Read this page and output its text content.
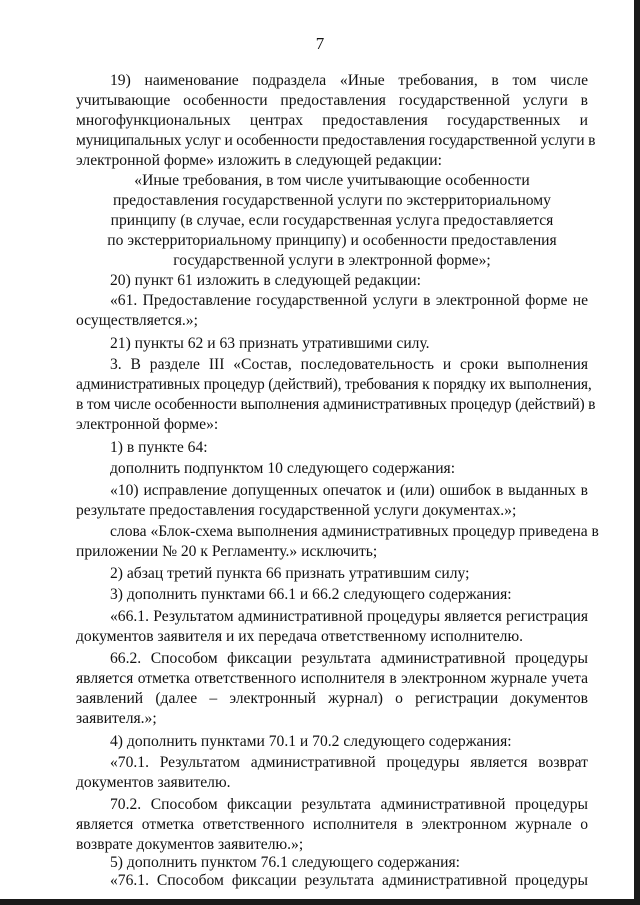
7
19) наименование подраздела «Иные требования, в том числе
учитывающие особенности предоставления государственной услуги в
многофункциональных центрах предоставления государственных и
муниципальных услуг и особенности предоставления государственной услуги в
электронной форме» изложить в следующей редакции:
«Иные требования, в том числе учитывающие особенности
предоставления государственной услуги по экстерриториальному
принципу (в случае, если государственная услуга предоставляется
по экстерриториальному принципу) и особенности предоставления
государственной услуги в электронной форме»;
20) пункт 61 изложить в следующей редакции:
«61. Предоставление государственной услуги в электронной форме не
осуществляется.»;
21) пункты 62 и 63 признать утратившими силу.
3. В разделе III «Состав, последовательность и сроки выполнения
административных процедур (действий), требования к порядку их выполнения,
в том числе особенности выполнения административных процедур (действий) в
электронной форме»:
1) в пункте 64:
дополнить подпунктом 10 следующего содержания:
«10) исправление допущенных опечаток и (или) ошибок в выданных в
результате предоставления государственной услуги документах.»;
слова «Блок-схема выполнения административных процедур приведена в
приложении № 20 к Регламенту.» исключить;
2) абзац третий пункта 66 признать утратившим силу;
3) дополнить пунктами 66.1 и 66.2 следующего содержания:
«66.1. Результатом административной процедуры является регистрация
документов заявителя и их передача ответственному исполнителю.
66.2. Способом фиксации результата административной процедуры
является отметка ответственного исполнителя в электронном журнале учета
заявлений (далее – электронный журнал) о регистрации документов
заявителя.»;
4) дополнить пунктами 70.1 и 70.2 следующего содержания:
«70.1. Результатом административной процедуры является возврат
документов заявителю.
70.2. Способом фиксации результата административной процедуры
является отметка ответственного исполнителя в электронном журнале о
возврате документов заявителю.»;
5) дополнить пунктом 76.1 следующего содержания:
«76.1. Способом фиксации результата административной процедуры
